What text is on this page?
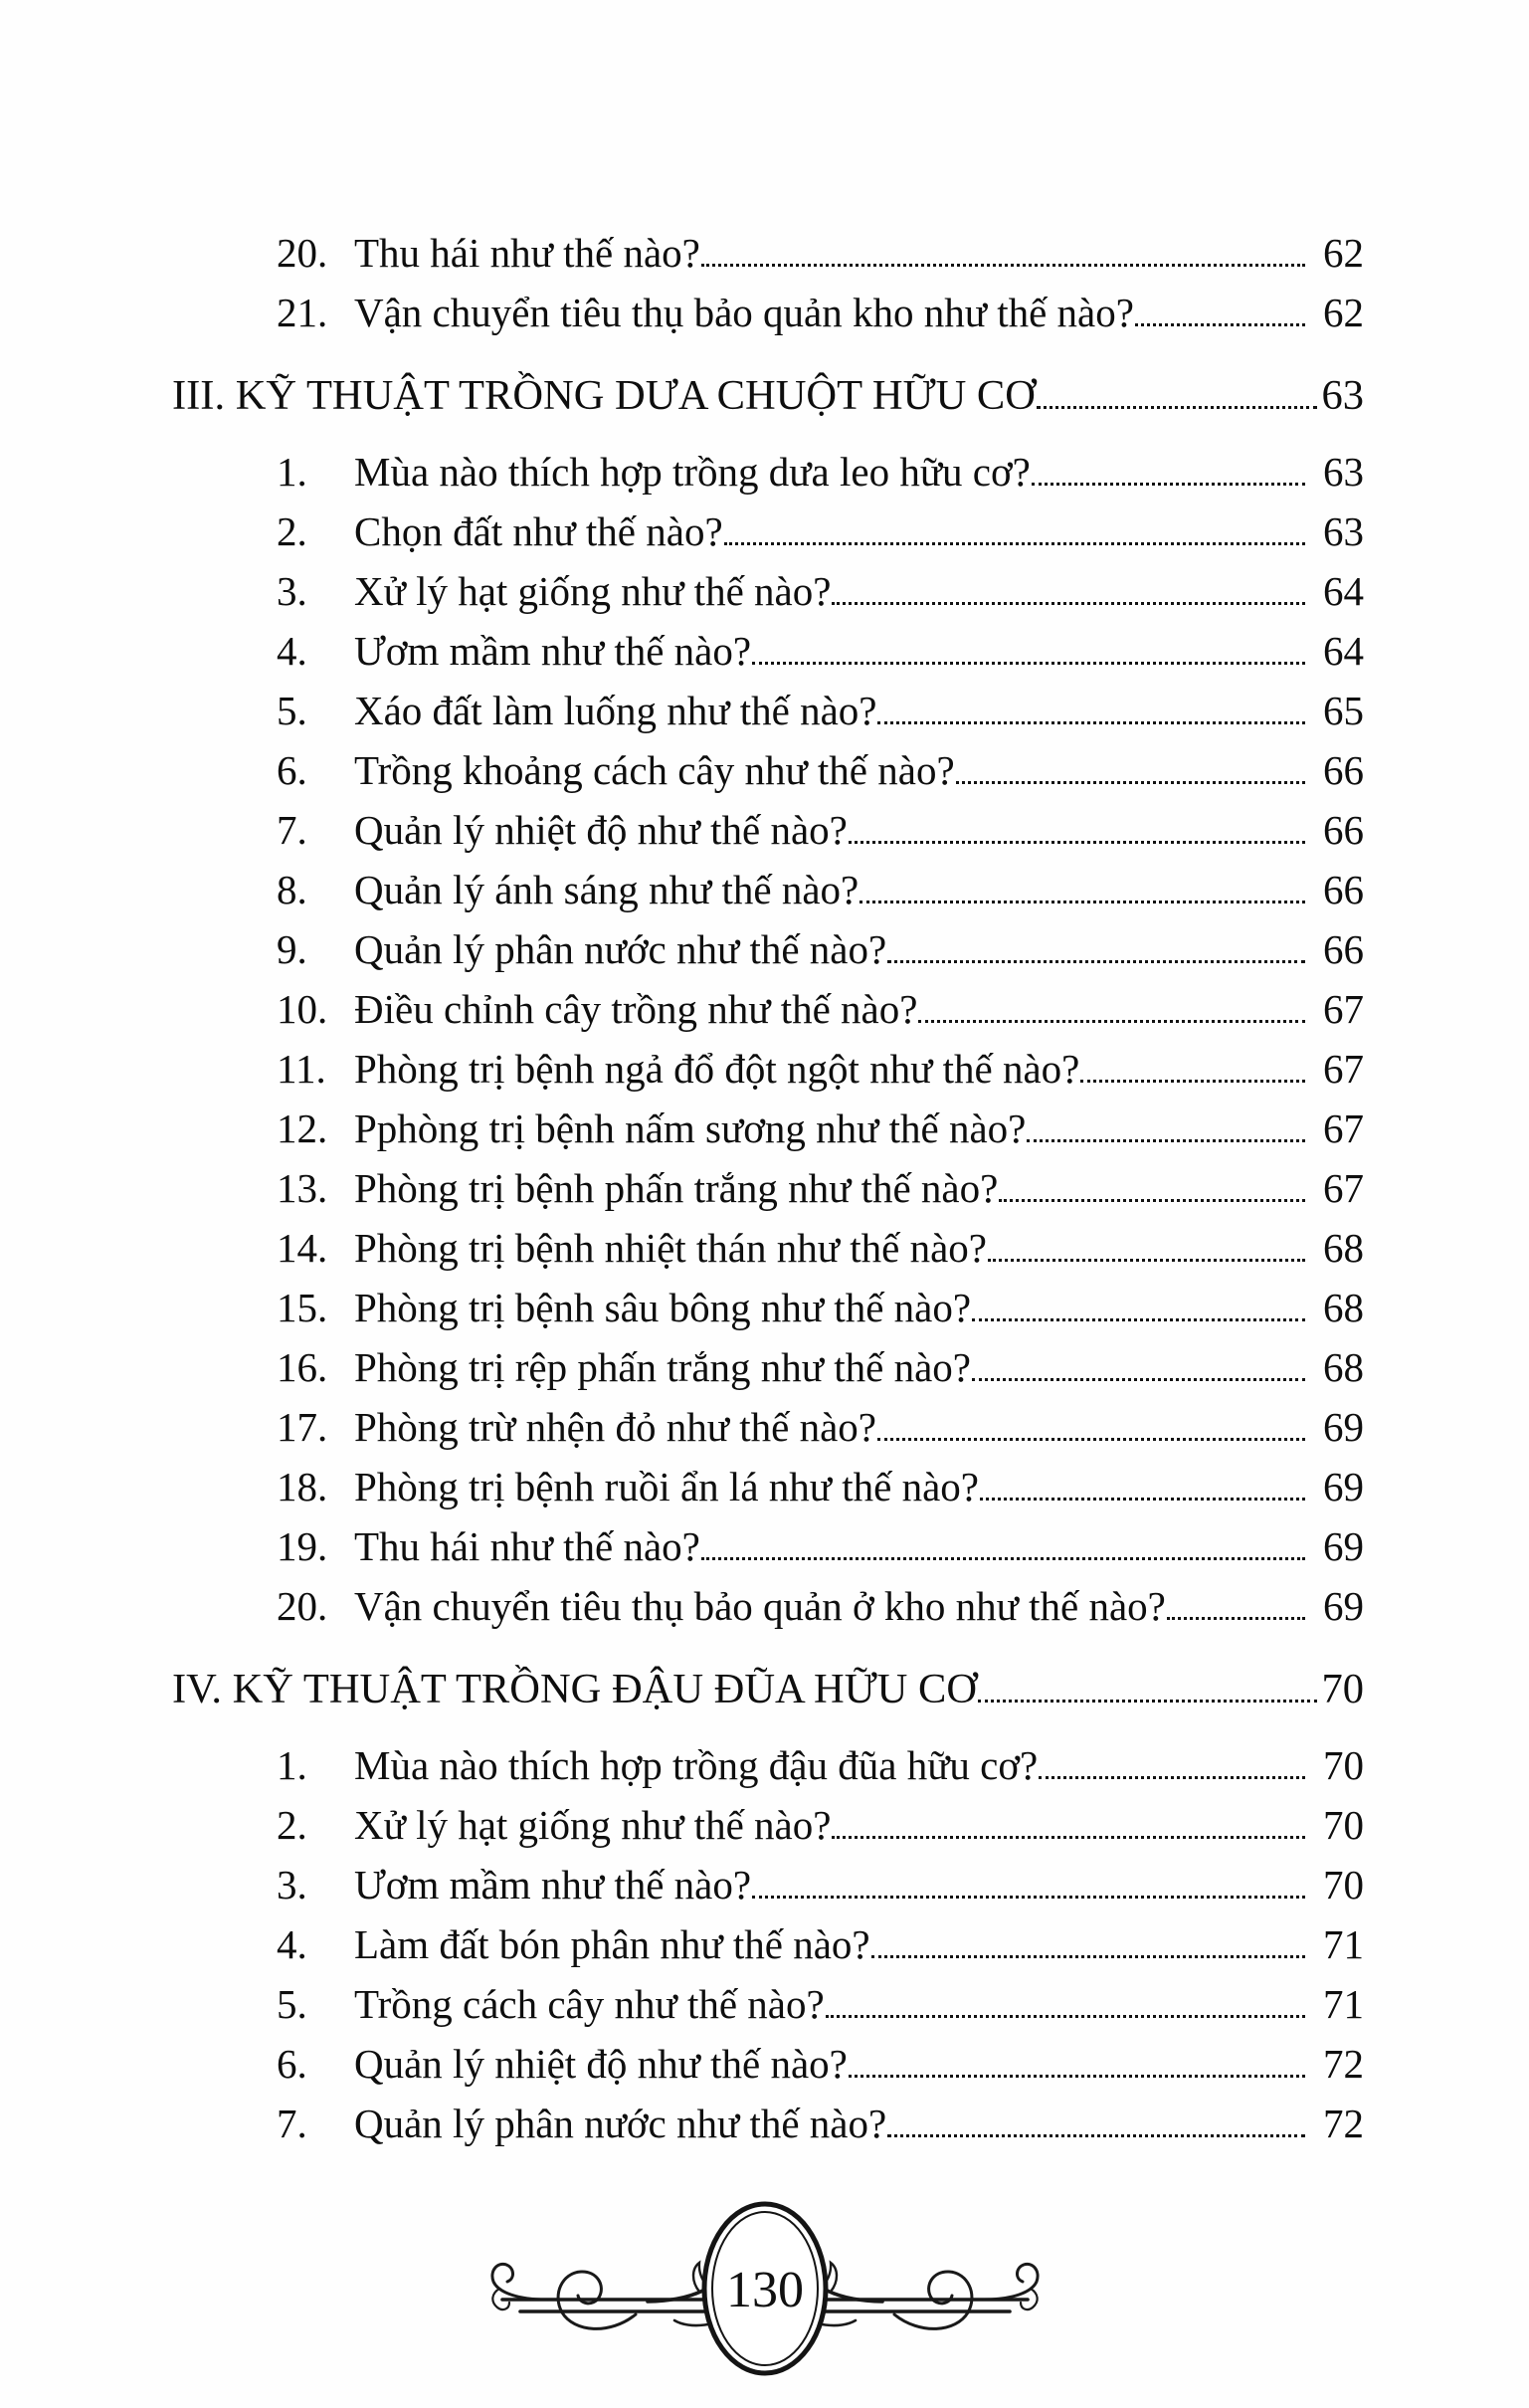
20. Thu hái như thế nào?	62
21. Vận chuyển tiêu thụ bảo quản kho như thế nào?	62
III. KỸ THUẬT TRỒNG DƯA CHUỘT HỮU CƠ	63
1.	Mùa nào thích hợp trồng dưa leo hữu cơ?	63
2.	Chọn đất như thế nào?	63
3.	Xử lý hạt giống như thế nào?	64
4.	Ươm mầm như thế nào?	64
5.	Xáo đất làm luống như thế nào?	65
6.	Trồng khoảng cách cây như thế nào?	66
7.	Quản lý nhiệt độ như thế nào?	66
8.	Quản lý ánh sáng như thế nào?	66
9.	Quản lý phân nước như thế nào?	66
10. Điều chỉnh cây trồng như thế nào?	67
11. Phòng trị bệnh ngả đổ đột ngột như thế nào?	67
12. Pphòng trị bệnh nấm sương như thế nào?	67
13. Phòng trị bệnh phấn trắng như thế nào?	67
14. Phòng trị bệnh nhiệt thán như thế nào?	68
15. Phòng trị bệnh sâu bông như thế nào?	68
16. Phòng trị rệp phấn trắng như thế nào?	68
17. Phòng trừ nhện đỏ như thế nào?	69
18. Phòng trị bệnh ruồi ẩn lá như thế nào?	69
19. Thu hái như thế nào?	69
20. Vận chuyển tiêu thụ bảo quản ở kho như thế nào?	69
IV. KỸ THUẬT TRỒNG ĐẬU ĐŨA HỮU CƠ	70
1.	Mùa nào thích hợp trồng đậu đũa hữu cơ?	70
2.	Xử lý hạt giống như thế nào?	70
3.	Ươm mầm như thế nào?	70
4.	Làm đất bón phân như thế nào?	71
5.	Trồng cách cây như thế nào?	71
6.	Quản lý nhiệt độ như thế nào?	72
7.	Quản lý phân nước như thế nào?	72
130
